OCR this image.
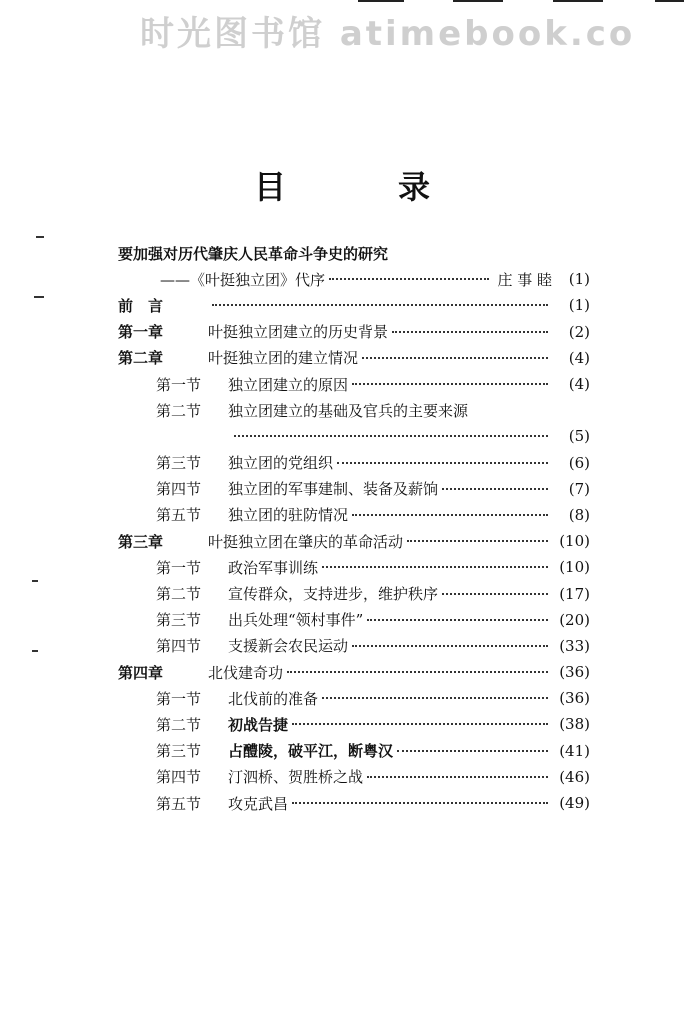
时光图书馆 atimebook.co
目　录
要加强对历代肇庆人民革命斗争史的研究
——《叶挺独立团》代序	庄 事 睦	(1)
前　言	(1)
第一章	叶挺独立团建立的历史背景	(2)
第二章	叶挺独立团的建立情况	(4)
第一节	独立团建立的原因	(4)
第二节	独立团建立的基础及官兵的主要来源
(5)
第三节	独立团的党组织	(6)
第四节	独立团的军事建制、装备及薪饷	(7)
第五节	独立团的驻防情况	(8)
第三章	叶挺独立团在肇庆的革命活动	(10)
第一节	政治军事训练	(10)
第二节	宣传群众，支持进步，维护秩序	(17)
第三节	出兵处理“领村事件”	(20)
第四节	支援新会农民运动	(33)
第四章	北伐建奇功	(36)
第一节	北伐前的准备	(36)
第二节	初战告捷	(38)
第三节	占醴陵，破平江，断粤汉	(41)
第四节	汀泗桥、贺胜桥之战	(46)
第五节	攻克武昌	(49)
